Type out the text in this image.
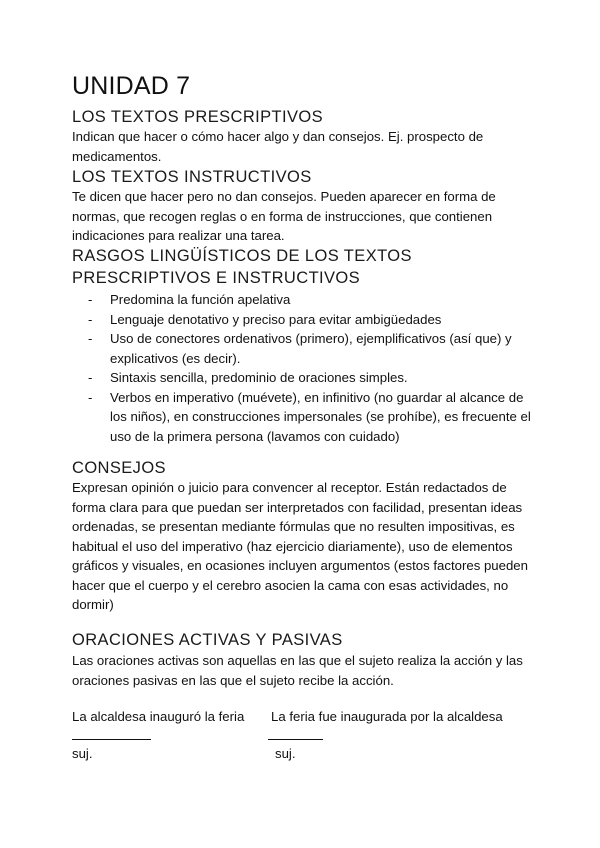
UNIDAD 7
LOS TEXTOS PRESCRIPTIVOS

Indican que hacer o cómo hacer algo y dan consejos. Ej. prospecto de medicamentos.

LOS TEXTOS INSTRUCTIVOS

Te dicen que hacer pero no dan consejos. Pueden aparecer en forma de normas, que recogen reglas o en forma de instrucciones, que contienen indicaciones para realizar una tarea.

RASGOS LINGÜÍSTICOS DE LOS TEXTOS
PRESCRIPTIVOS E INSTRUCTIVOS
- Predomina la función apelativa
- Lenguaje denotativo y preciso para evitar ambigüedades
- Uso de conectores ordenativos (primero), ejemplificativos (así que) y explicativos (es decir).
- Sintaxis sencilla, predominio de oraciones simples.
- Verbos en imperativo (muévete), en infinitivo (no guardar al alcance de los niños), en construcciones impersonales (se prohíbe), es frecuente el uso de la primera persona (lavamos con cuidado)
CONSEJOS

Expresan opinión o juicio para convencer al receptor. Están redactados de forma clara para que puedan ser interpretados con facilidad, presentan ideas ordenadas, se presentan mediante fórmulas que no resulten impositivas, es habitual el uso del imperativo (haz ejercicio diariamente), uso de elementos gráficos y visuales, en ocasiones incluyen argumentos (estos factores pueden hacer que el cuerpo y el cerebro asocien la cama con esas actividades, no dormir)

ORACIONES ACTIVAS Y PASIVAS

Las oraciones activas son aquellas en las que el sujeto realiza la acción y las oraciones pasivas en las que el sujeto recibe la acción.

La alcaldesa inauguró la feria La feria fue inaugurada por la alcaldesa
suj.	suj.
